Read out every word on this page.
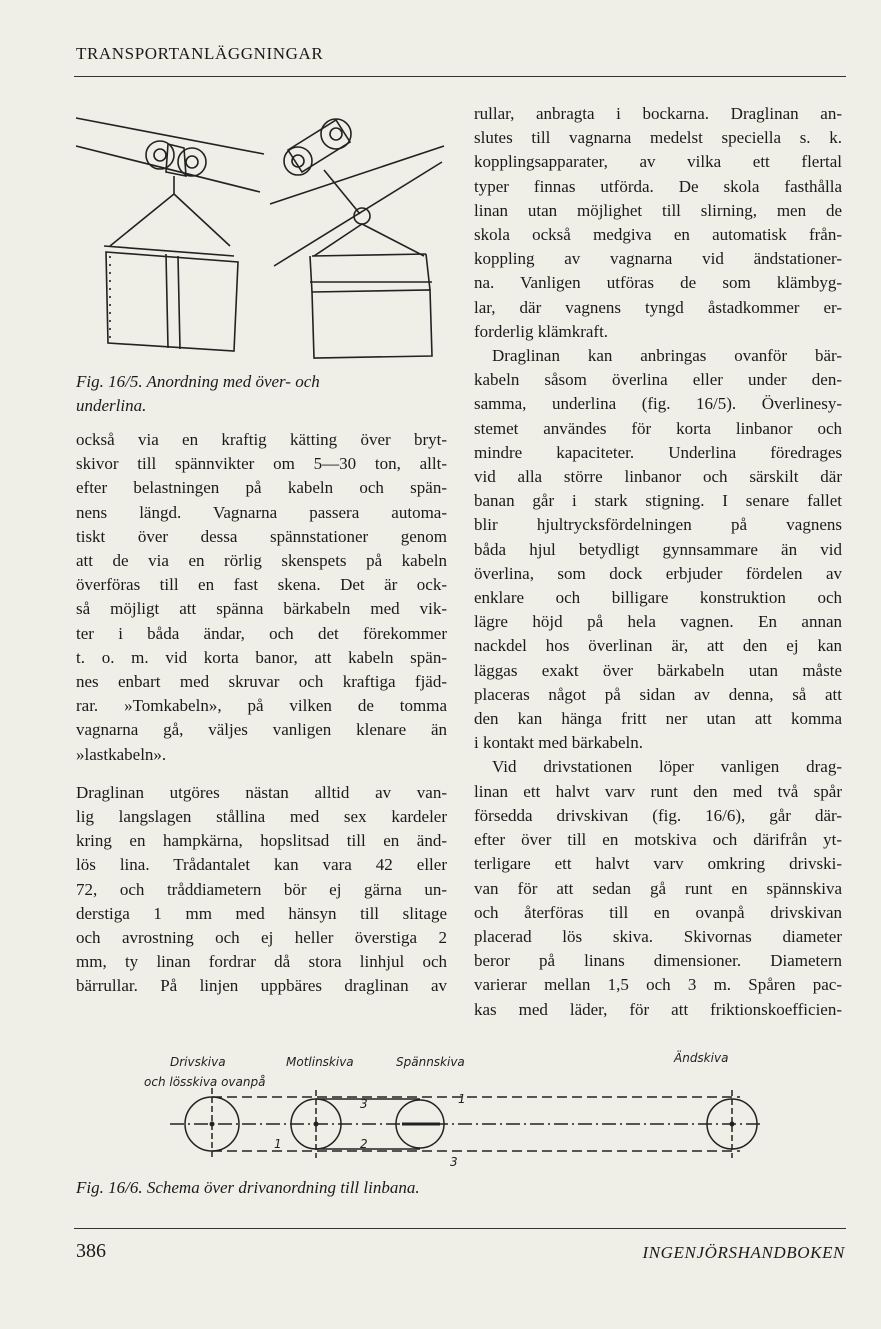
TRANSPORTANLÄGGNINGAR
Fig. 16/5. Anordning med över- och
underlina.
också via en kraftig kätting över bryt-
skivor till spännvikter om 5—30 ton, allt-
efter belastningen på kabeln och spän-
nens längd. Vagnarna passera automa-
tiskt över dessa spännstationer genom
att de via en rörlig skenspets på kabeln
överföras till en fast skena. Det är ock-
så möjligt att spänna bärkabeln med vik-
ter i båda ändar, och det förekommer
t. o. m. vid korta banor, att kabeln spän-
nes enbart med skruvar och kraftiga fjäd-
rar. »Tomkabeln», på vilken de tomma
vagnarna gå, väljes vanligen klenare än
»lastkabeln».
Draglinan utgöres nästan alltid av van-
lig langslagen stållina med sex kardeler
kring en hampkärna, hopslitsad till en änd-
lös lina. Trådantalet kan vara 42 eller
72, och tråddiametern bör ej gärna un-
derstiga 1 mm med hänsyn till slitage
och avrostning och ej heller överstiga 2
mm, ty linan fordrar då stora linhjul och
bärrullar. På linjen uppbäres draglinan av
rullar, anbragta i bockarna. Draglinan an-
slutes till vagnarna medelst speciella s. k.
kopplingsapparater, av vilka ett flertal
typer finnas utförda. De skola fasthålla
linan utan möjlighet till slirning, men de
skola också medgiva en automatisk från-
koppling av vagnarna vid ändstationer-
na. Vanligen utföras de som klämbyg-
lar, där vagnens tyngd åstadkommer er-
forderlig klämkraft.
Draglinan kan anbringas ovanför bär-
kabeln såsom överlina eller under den-
samma, underlina (fig. 16/5). Överlinesy-
stemet användes för korta linbanor och
mindre kapaciteter. Underlina föredrages
vid alla större linbanor och särskilt där
banan går i stark stigning. I senare fallet
blir hjultrycksfördelningen på vagnens
båda hjul betydligt gynnsammare än vid
överlina, som dock erbjuder fördelen av
enklare och billigare konstruktion och
lägre höjd på hela vagnen. En annan
nackdel hos överlinan är, att den ej kan
läggas exakt över bärkabeln utan måste
placeras något på sidan av denna, så att
den kan hänga fritt ner utan att komma
i kontakt med bärkabeln.
Vid drivstationen löper vanligen drag-
linan ett halvt varv runt den med två spår
försedda drivskivan (fig. 16/6), går där-
efter över till en motskiva och därifrån yt-
terligare ett halvt varv omkring drivski-
van för att sedan gå runt en spännskiva
och återföras till en ovanpå drivskivan
placerad lös skiva. Skivornas diameter
beror på linans dimensioner. Diametern
varierar mellan 1,5 och 3 m. Spåren pac-
kas med läder, för att friktionskoefficien-
Drivskiva
och lösskiva ovanpå
Motlinskiva	Spännskiva	Ändskiva
1
3
1	2
3
Fig. 16/6. Schema över drivanordning till linbana.
386	INGENJÖRSHANDBOKEN
